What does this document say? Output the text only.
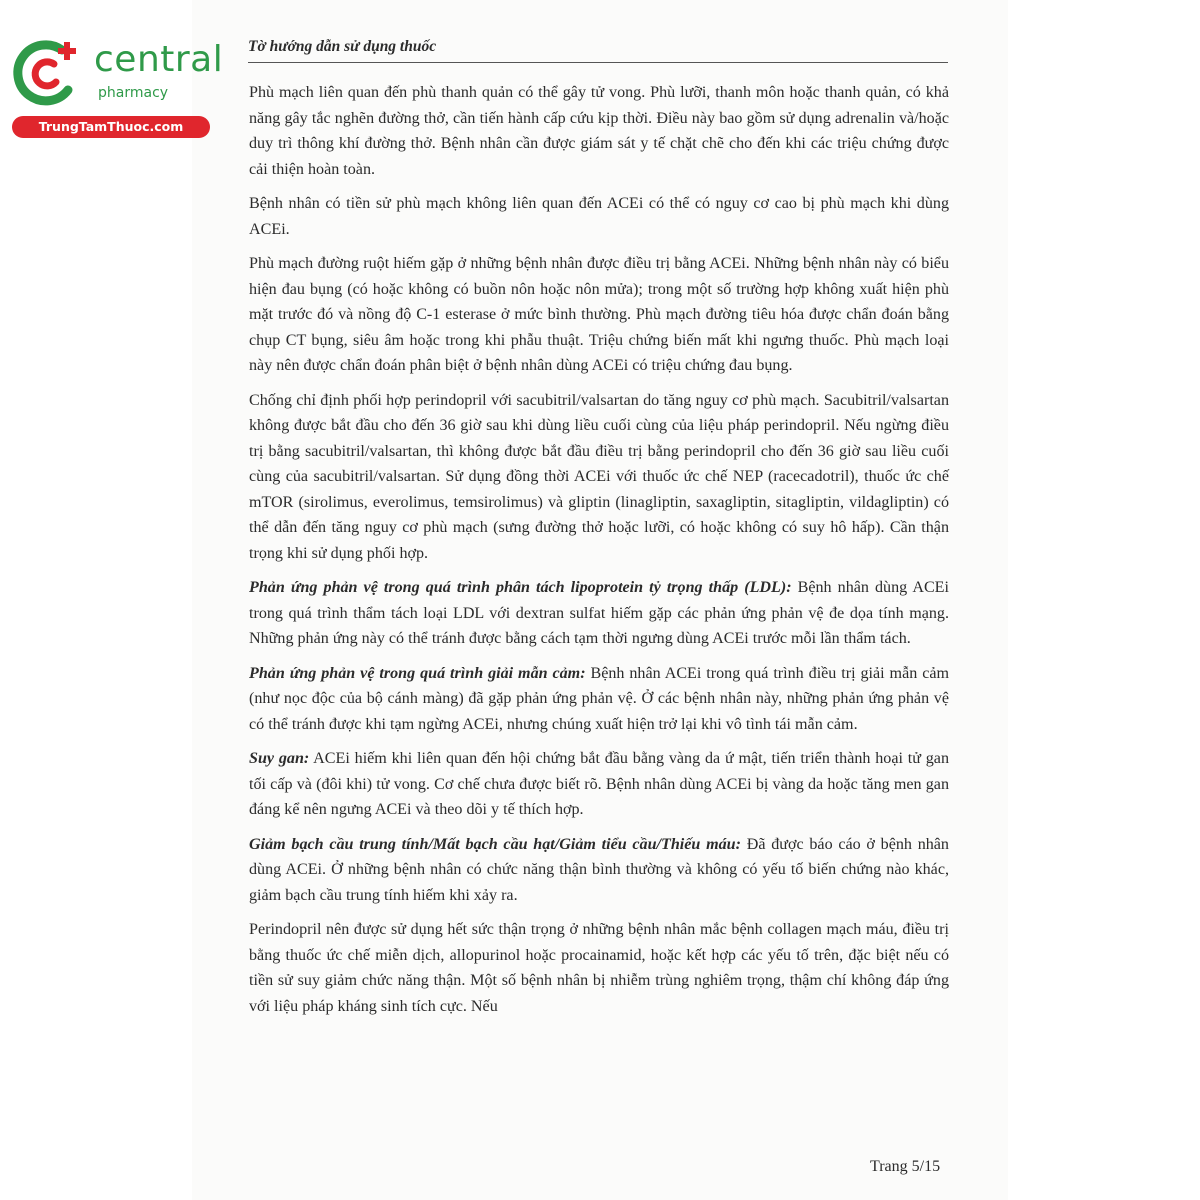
central
pharmacy
TrungTamThuoc.com
Tờ hướng dẫn sử dụng thuốc

Phù mạch liên quan đến phù thanh quản có thể gây tử vong. Phù lưỡi, thanh môn hoặc thanh quản, có khả năng gây tắc nghẽn đường thở, cần tiến hành cấp cứu kịp thời. Điều này bao gồm sử dụng adrenalin và/hoặc duy trì thông khí đường thở. Bệnh nhân cần được giám sát y tế chặt chẽ cho đến khi các triệu chứng được cải thiện hoàn toàn.

Bệnh nhân có tiền sử phù mạch không liên quan đến ACEi có thể có nguy cơ cao bị phù mạch khi dùng ACEi.

Phù mạch đường ruột hiếm gặp ở những bệnh nhân được điều trị bằng ACEi. Những bệnh nhân này có biểu hiện đau bụng (có hoặc không có buồn nôn hoặc nôn mửa); trong một số trường hợp không xuất hiện phù mặt trước đó và nồng độ C-1 esterase ở mức bình thường. Phù mạch đường tiêu hóa được chẩn đoán bằng chụp CT bụng, siêu âm hoặc trong khi phẫu thuật. Triệu chứng biến mất khi ngưng thuốc. Phù mạch loại này nên được chẩn đoán phân biệt ở bệnh nhân dùng ACEi có triệu chứng đau bụng.

Chống chỉ định phối hợp perindopril với sacubitril/valsartan do tăng nguy cơ phù mạch. Sacubitril/valsartan không được bắt đầu cho đến 36 giờ sau khi dùng liều cuối cùng của liệu pháp perindopril. Nếu ngừng điều trị bằng sacubitril/valsartan, thì không được bắt đầu điều trị bằng perindopril cho đến 36 giờ sau liều cuối cùng của sacubitril/valsartan. Sử dụng đồng thời ACEi với thuốc ức chế NEP (racecadotril), thuốc ức chế mTOR (sirolimus, everolimus, temsirolimus) và gliptin (linagliptin, saxagliptin, sitagliptin, vildagliptin) có thể dẫn đến tăng nguy cơ phù mạch (sưng đường thở hoặc lưỡi, có hoặc không có suy hô hấp). Cần thận trọng khi sử dụng phối hợp.

Phản ứng phản vệ trong quá trình phân tách lipoprotein tỷ trọng thấp (LDL): Bệnh nhân dùng ACEi trong quá trình thẩm tách loại LDL với dextran sulfat hiếm gặp các phản ứng phản vệ đe dọa tính mạng. Những phản ứng này có thể tránh được bằng cách tạm thời ngưng dùng ACEi trước mỗi lần thẩm tách.

Phản ứng phản vệ trong quá trình giải mẫn cảm: Bệnh nhân ACEi trong quá trình điều trị giải mẫn cảm (như nọc độc của bộ cánh màng) đã gặp phản ứng phản vệ. Ở các bệnh nhân này, những phản ứng phản vệ có thể tránh được khi tạm ngừng ACEi, nhưng chúng xuất hiện trở lại khi vô tình tái mẫn cảm.

Suy gan: ACEi hiếm khi liên quan đến hội chứng bắt đầu bằng vàng da ứ mật, tiến triển thành hoại tử gan tối cấp và (đôi khi) tử vong. Cơ chế chưa được biết rõ. Bệnh nhân dùng ACEi bị vàng da hoặc tăng men gan đáng kể nên ngưng ACEi và theo dõi y tế thích hợp.

Giảm bạch cầu trung tính/Mất bạch cầu hạt/Giảm tiểu cầu/Thiếu máu: Đã được báo cáo ở bệnh nhân dùng ACEi. Ở những bệnh nhân có chức năng thận bình thường và không có yếu tố biến chứng nào khác, giảm bạch cầu trung tính hiếm khi xảy ra.

Perindopril nên được sử dụng hết sức thận trọng ở những bệnh nhân mắc bệnh collagen mạch máu, điều trị bằng thuốc ức chế miễn dịch, allopurinol hoặc procainamid, hoặc kết hợp các yếu tố trên, đặc biệt nếu có tiền sử suy giảm chức năng thận. Một số bệnh nhân bị nhiễm trùng nghiêm trọng, thậm chí không đáp ứng với liệu pháp kháng sinh tích cực. Nếu

Trang 5/15
